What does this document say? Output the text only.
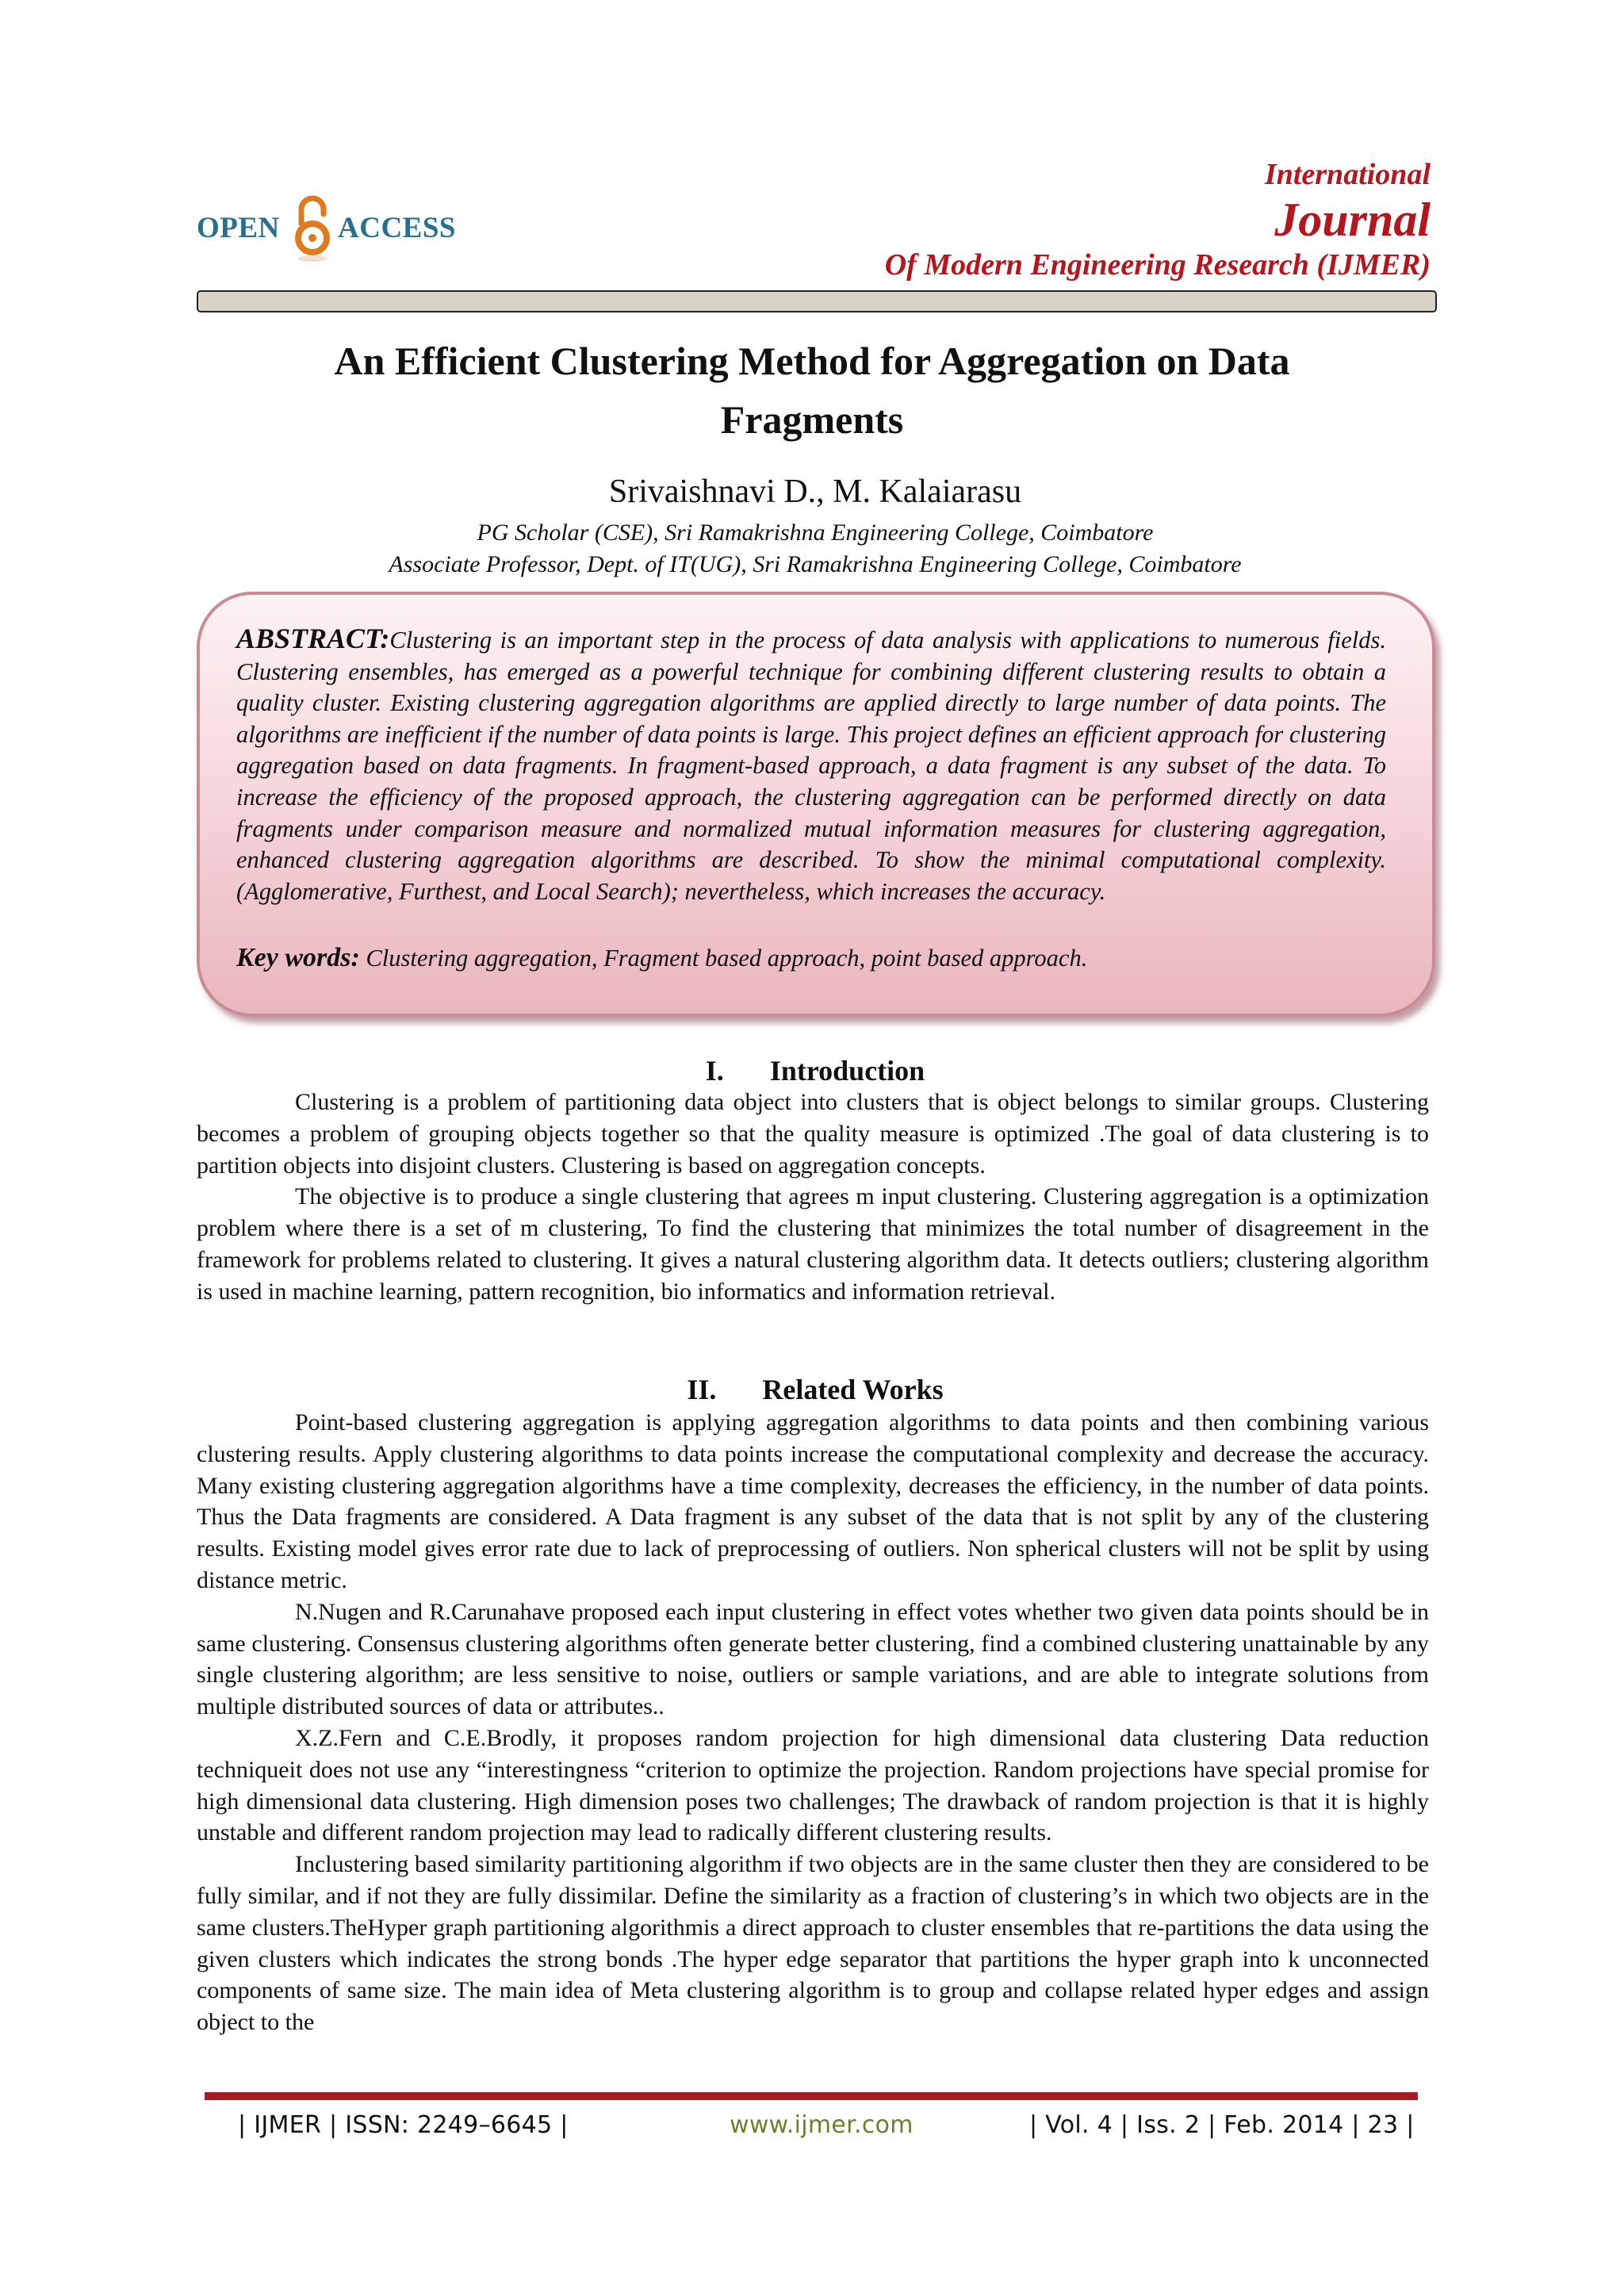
OPEN ACCESS
International
Journal
Of Modern Engineering Research (IJMER)
An Efficient Clustering Method for Aggregation on Data Fragments
Srivaishnavi D., M. Kalaiarasu
PG Scholar (CSE), Sri Ramakrishna Engineering College, Coimbatore
Associate Professor, Dept. of IT(UG), Sri Ramakrishna Engineering College, Coimbatore
ABSTRACT:Clustering is an important step in the process of data analysis with applications to numerous fields. Clustering ensembles, has emerged as a powerful technique for combining different clustering results to obtain a quality cluster. Existing clustering aggregation algorithms are applied directly to large number of data points. The algorithms are inefficient if the number of data points is large. This project defines an efficient approach for clustering aggregation based on data fragments. In fragment-based approach, a data fragment is any subset of the data. To increase the efficiency of the proposed approach, the clustering aggregation can be performed directly on data fragments under comparison measure and normalized mutual information measures for clustering aggregation, enhanced clustering aggregation algorithms are described. To show the minimal computational complexity. (Agglomerative, Furthest, and Local Search); nevertheless, which increases the accuracy.
Key words: Clustering aggregation, Fragment based approach, point based approach.
I. Introduction

Clustering is a problem of partitioning data object into clusters that is object belongs to similar groups. Clustering becomes a problem of grouping objects together so that the quality measure is optimized .The goal of data clustering is to partition objects into disjoint clusters. Clustering is based on aggregation concepts.

The objective is to produce a single clustering that agrees m input clustering. Clustering aggregation is a optimization problem where there is a set of m clustering, To find the clustering that minimizes the total number of disagreement in the framework for problems related to clustering. It gives a natural clustering algorithm data. It detects outliers; clustering algorithm is used in machine learning, pattern recognition, bio informatics and information retrieval.

II. Related Works

Point-based clustering aggregation is applying aggregation algorithms to data points and then combining various clustering results. Apply clustering algorithms to data points increase the computational complexity and decrease the accuracy. Many existing clustering aggregation algorithms have a time complexity, decreases the efficiency, in the number of data points. Thus the Data fragments are considered. A Data fragment is any subset of the data that is not split by any of the clustering results. Existing model gives error rate due to lack of preprocessing of outliers. Non spherical clusters will not be split by using distance metric.

N.Nugen and R.Carunahave proposed each input clustering in effect votes whether two given data points should be in same clustering. Consensus clustering algorithms often generate better clustering, find a combined clustering unattainable by any single clustering algorithm; are less sensitive to noise, outliers or sample variations, and are able to integrate solutions from multiple distributed sources of data or attributes..

X.Z.Fern and C.E.Brodly, it proposes random projection for high dimensional data clustering Data reduction techniqueit does not use any “interestingness “criterion to optimize the projection. Random projections have special promise for high dimensional data clustering. High dimension poses two challenges; The drawback of random projection is that it is highly unstable and different random projection may lead to radically different clustering results.

Inclustering based similarity partitioning algorithm if two objects are in the same cluster then they are considered to be fully similar, and if not they are fully dissimilar. Define the similarity as a fraction of clustering’s in which two objects are in the same clusters.TheHyper graph partitioning algorithmis a direct approach to cluster ensembles that re-partitions the data using the given clusters which indicates the strong bonds .The hyper edge separator that partitions the hyper graph into k unconnected components of same size. The main idea of Meta clustering algorithm is to group and collapse related hyper edges and assign object to the

| IJMER | ISSN: 2249–6645 |	www.ijmer.com	| Vol. 4 | Iss. 2 | Feb. 2014 | 23 |
